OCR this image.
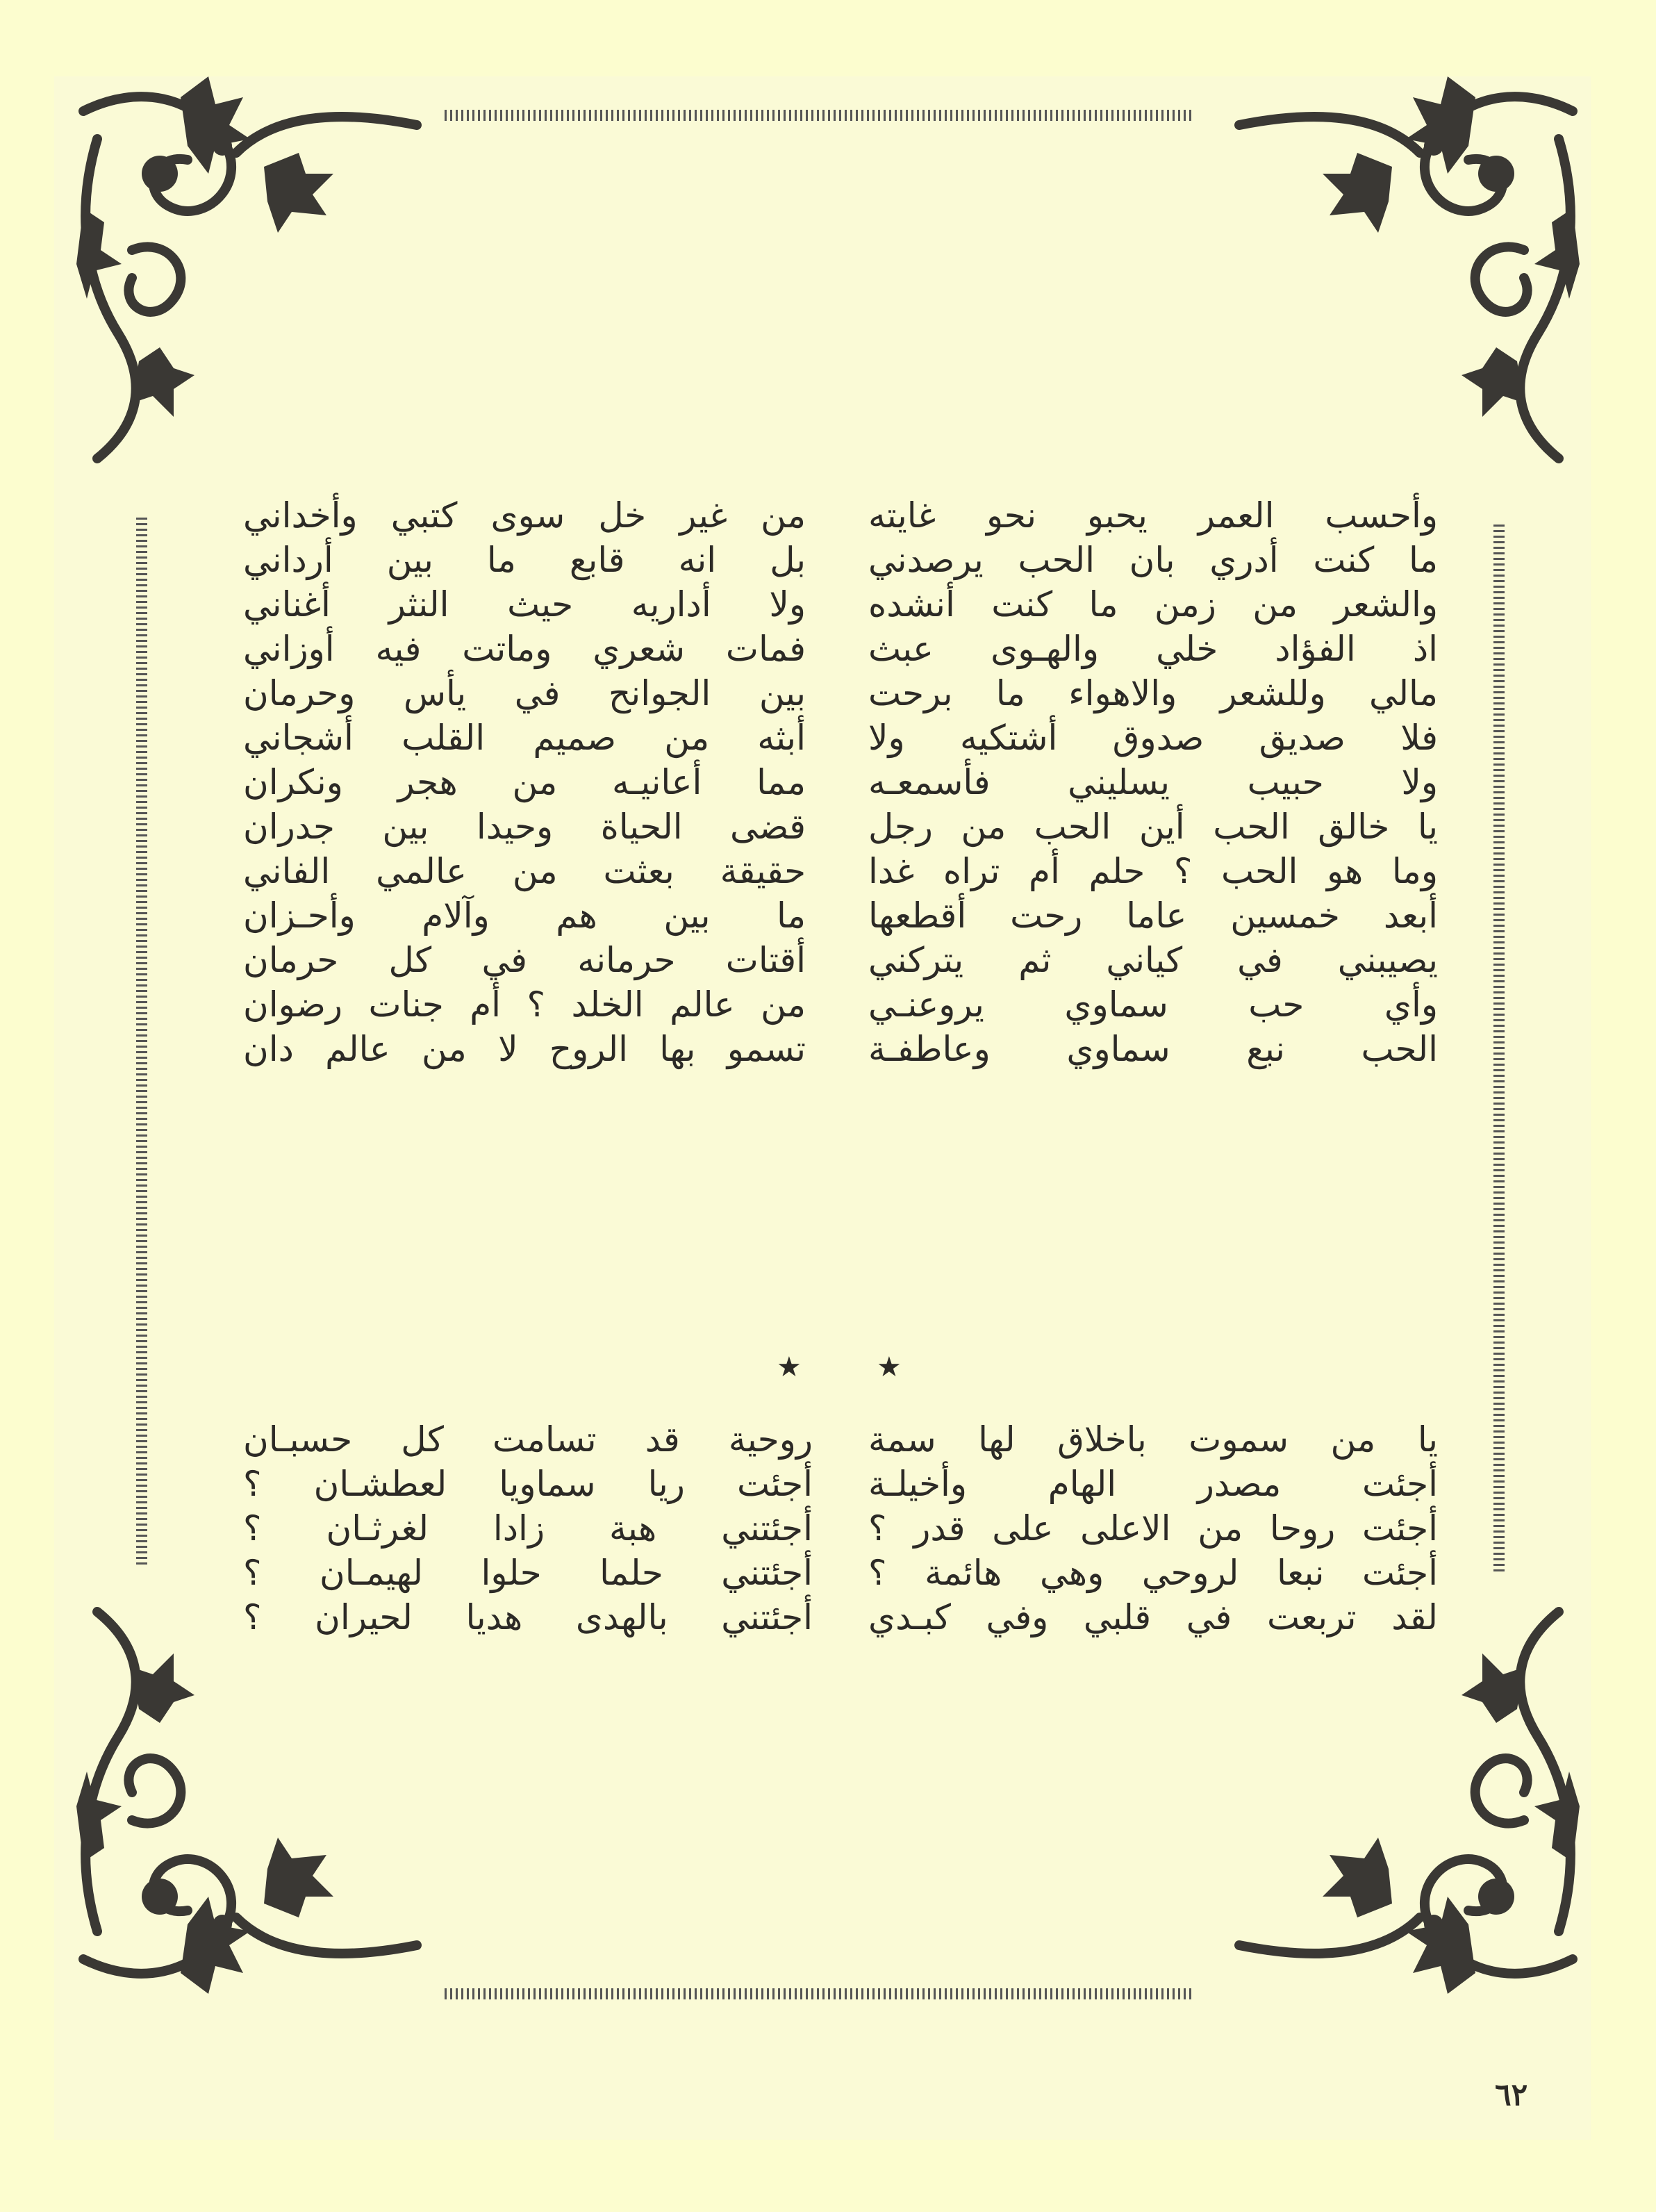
وأحسب العمر يحبو نحو غايته
ما كنت أدري بان الحب يرصدني
والشعر من زمن ما كنت أنشده
اذ الفؤاد خلي والهـوى عبث
مالي وللشعر والاهواء ما برحت
فلا صديق صدوق أشتكيه ولا
ولا حبيب يسليني فأسمعـه
يا خالق الحب أين الحب من رجل
وما هو الحب ؟ حلم أم تراه غدا
أبعد خمسين عاما رحت أقطعها
يصيبني في كياني ثم يتركني
وأي حب سماوي يروعنـي
الحب نبع سماوي وعاطفـة
من غير خل سوى كتبي وأخداني
بل انه قابع ما بين أرداني
ولا أداريه حيث النثر أغناني
فمات شعري وماتت فيه أوزاني
بين الجوانح في يأس وحرمان
أبثه من صميم القلب أشجاني
مما أعانيـه من هجر ونكران
قضى الحياة وحيدا بين جدران
حقيقة بعثت من عالمي الفاني
ما بين هم وآلام وأحـزان
أقتات حرمانه في كل حرمان
من عالم الخلد ؟ أم جنات رضوان
تسمو بها الروح لا من عالم دان
★
★
يا من سموت باخلاق لها سمة
أجئت مصدر الهام وأخيلـة
أجئت روحا من الاعلى على قدر ؟
أجئت نبعا لروحي وهي هائمة ؟
لقد تربعت في قلبي وفي كبـدي
روحية قد تسامت كل حسبـان
أجئت ريا سماويا لعطشـان ؟
أجئتني هبة زادا لغرثـان ؟
أجئتني حلما حلوا لهيمـان ؟
أجئتني بالهدى هديا لحيران ؟
٦٢
